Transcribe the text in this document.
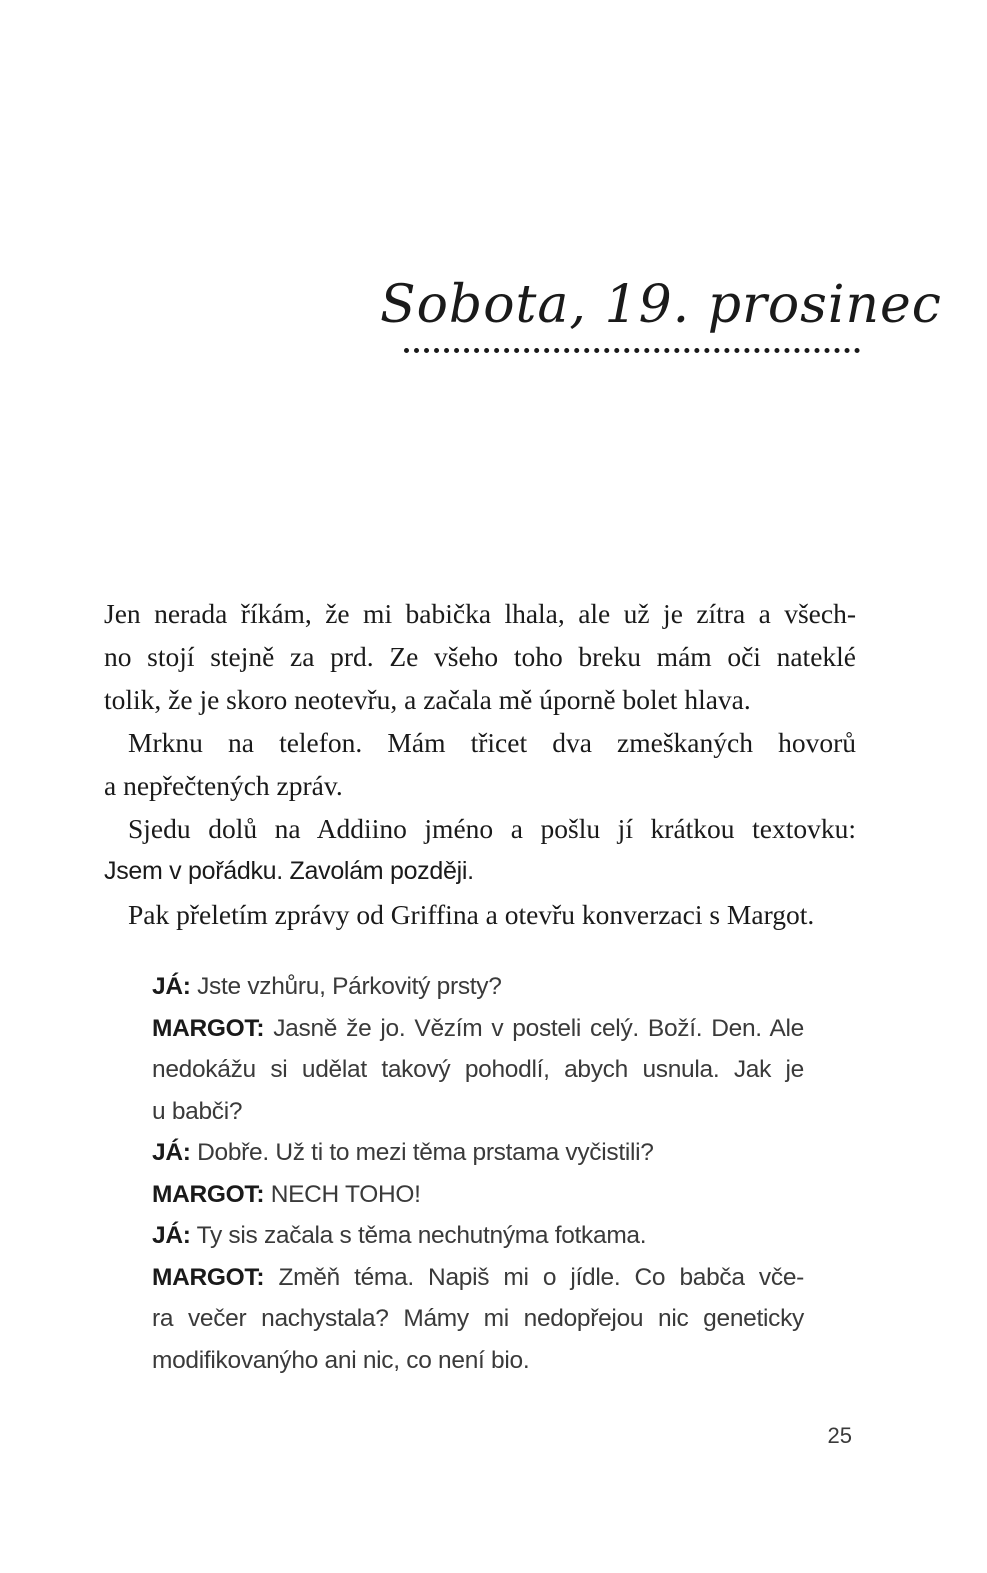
Sobota, 19. prosinec

Jen nerada říkám, že mi babička lhala, ale už je zítra a všech-
no stojí stejně za prd. Ze všeho toho breku mám oči nateklé
tolik, že je skoro neotevřu, a začala mě úporně bolet hlava.

Mrknu na telefon. Mám třicet dva zmeškaných hovorů
a nepřečtených zpráv.

Sjedu dolů na Addiino jméno a pošlu jí krátkou textovku:
Jsem v pořádku. Zavolám později.

Pak přeletím zprávy od Griffina a otevřu konverzaci s Margot.

JÁ: Jste vzhůru, Párkovitý prsty?

MARGOT: Jasně že jo. Vězím v posteli celý. Boží. Den. Ale
nedokážu si udělat takový pohodlí, abych usnula. Jak je
u babči?

JÁ: Dobře. Už ti to mezi těma prstama vyčistili?

MARGOT: NECH TOHO!

JÁ: Ty sis začala s těma nechutnýma fotkama.

MARGOT: Změň téma. Napiš mi o jídle. Co babča vče-
ra večer nachystala? Mámy mi nedopřejou nic geneticky
modifikovanýho ani nic, co není bio.

25
